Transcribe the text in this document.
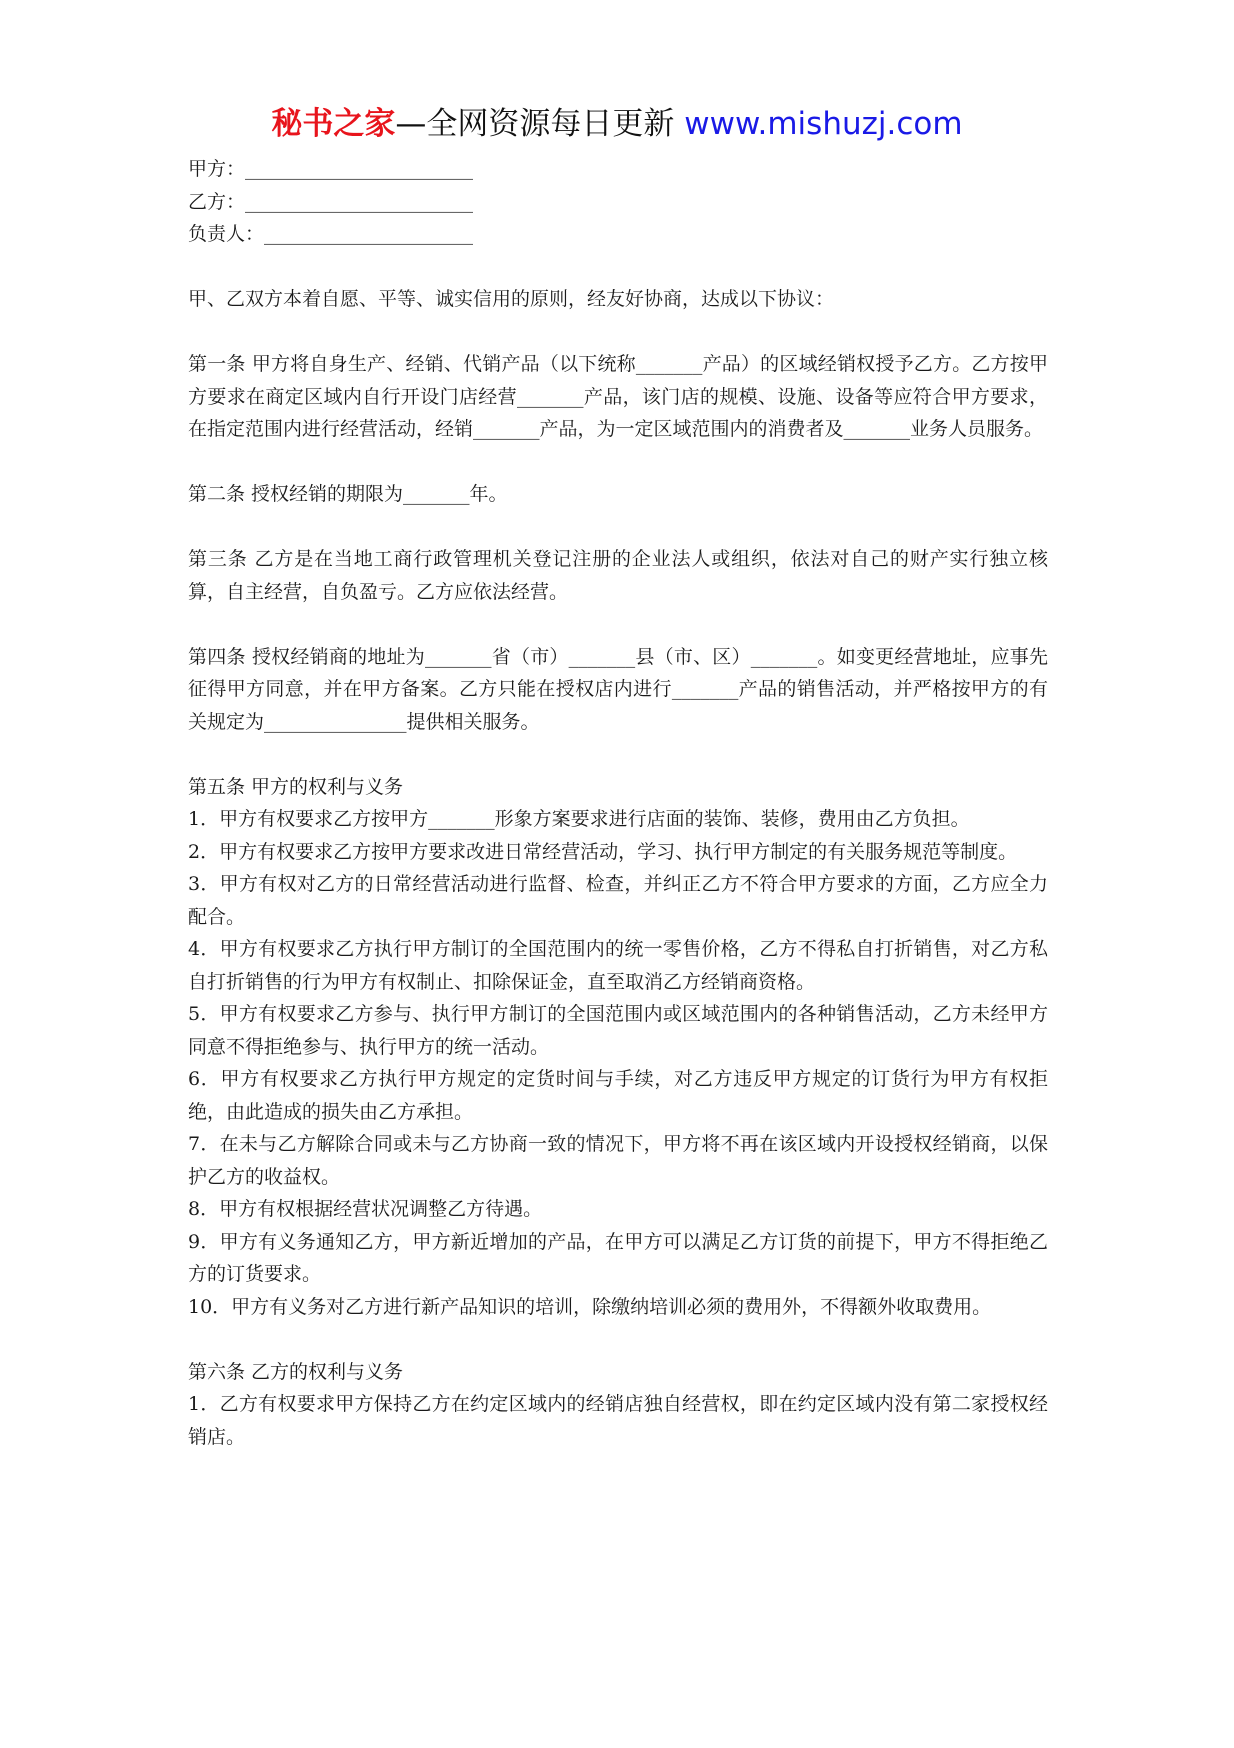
秘书之家—全网资源每日更新 www.mishuzj.com

甲方：________________________

乙方：________________________

负责人：______________________

甲、乙双方本着自愿、平等、诚实信用的原则，经友好协商，达成以下协议：

第一条 甲方将自身生产、经销、代销产品（以下统称_______产品）的区域经销权授予乙方。乙方按甲方要求在商定区域内自行开设门店经营_______产品，该门店的规模、设施、设备等应符合甲方要求，在指定范围内进行经营活动，经销_______产品，为一定区域范围内的消费者及_______业务人员服务。

第二条 授权经销的期限为_______年。

第三条 乙方是在当地工商行政管理机关登记注册的企业法人或组织，依法对自己的财产实行独立核算，自主经营，自负盈亏。乙方应依法经营。

第四条 授权经销商的地址为_______省（市）_______县（市、区）_______。如变更经营地址，应事先征得甲方同意，并在甲方备案。乙方只能在授权店内进行_______产品的销售活动，并严格按甲方的有关规定为_______________提供相关服务。

第五条 甲方的权利与义务

1．甲方有权要求乙方按甲方_______形象方案要求进行店面的装饰、装修，费用由乙方负担。

2．甲方有权要求乙方按甲方要求改进日常经营活动，学习、执行甲方制定的有关服务规范等制度。

3．甲方有权对乙方的日常经营活动进行监督、检查，并纠正乙方不符合甲方要求的方面，乙方应全力配合。

4．甲方有权要求乙方执行甲方制订的全国范围内的统一零售价格，乙方不得私自打折销售，对乙方私自打折销售的行为甲方有权制止、扣除保证金，直至取消乙方经销商资格。

5．甲方有权要求乙方参与、执行甲方制订的全国范围内或区域范围内的各种销售活动，乙方未经甲方同意不得拒绝参与、执行甲方的统一活动。

6．甲方有权要求乙方执行甲方规定的定货时间与手续，对乙方违反甲方规定的订货行为甲方有权拒绝，由此造成的损失由乙方承担。

7．在未与乙方解除合同或未与乙方协商一致的情况下，甲方将不再在该区域内开设授权经销商，以保护乙方的收益权。

8．甲方有权根据经营状况调整乙方待遇。

9．甲方有义务通知乙方，甲方新近增加的产品，在甲方可以满足乙方订货的前提下，甲方不得拒绝乙方的订货要求。

10．甲方有义务对乙方进行新产品知识的培训，除缴纳培训必须的费用外，不得额外收取费用。

第六条 乙方的权利与义务

1．乙方有权要求甲方保持乙方在约定区域内的经销店独自经营权，即在约定区域内没有第二家授权经销店。
